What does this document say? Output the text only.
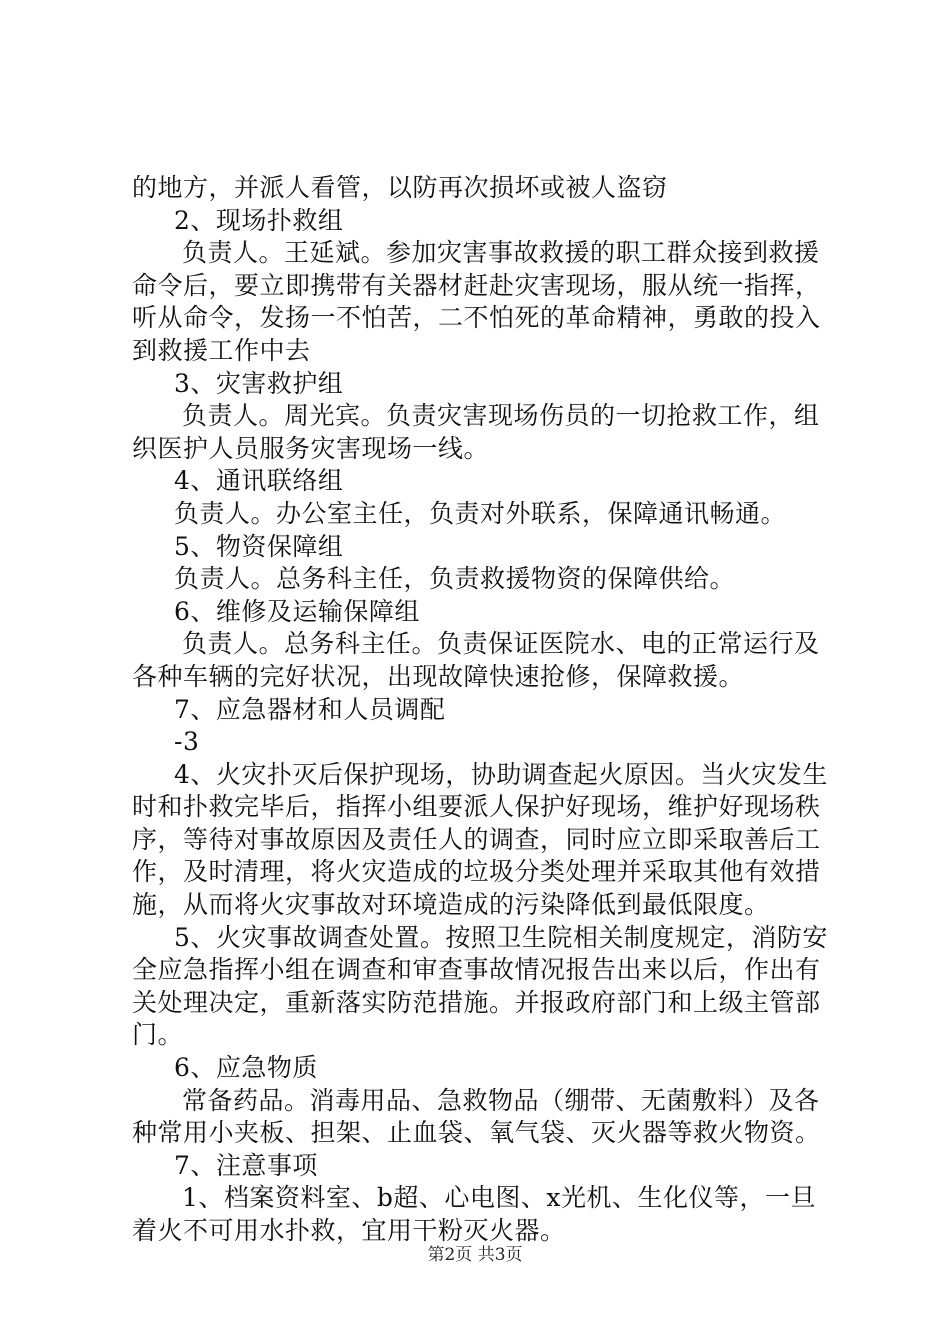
的地方，并派人看管，以防再次损坏或被人盗窃
2、现场扑救组
负责人。王延斌。参加灾害事故救援的职工群众接到救援
命令后，要立即携带有关器材赶赴灾害现场，服从统一指挥，
听从命令，发扬一不怕苦，二不怕死的革命精神，勇敢的投入
到救援工作中去
3、灾害救护组
负责人。周光宾。负责灾害现场伤员的一切抢救工作，组
织医护人员服务灾害现场一线。
4、通讯联络组
负责人。办公室主任，负责对外联系，保障通讯畅通。
5、物资保障组
负责人。总务科主任，负责救援物资的保障供给。
6、维修及运输保障组
负责人。总务科主任。负责保证医院水、电的正常运行及
各种车辆的完好状况，出现故障快速抢修，保障救援。
7、应急器材和人员调配
-3
4、火灾扑灭后保护现场，协助调查起火原因。当火灾发生
时和扑救完毕后，指挥小组要派人保护好现场，维护好现场秩
序，等待对事故原因及责任人的调查，同时应立即采取善后工
作，及时清理，将火灾造成的垃圾分类处理并采取其他有效措
施，从而将火灾事故对环境造成的污染降低到最低限度。
5、火灾事故调查处置。按照卫生院相关制度规定，消防安
全应急指挥小组在调查和审查事故情况报告出来以后，作出有
关处理决定，重新落实防范措施。并报政府部门和上级主管部
门。
6、应急物质
常备药品。消毒用品、急救物品（绷带、无菌敷料）及各
种常用小夹板、担架、止血袋、氧气袋、灭火器等救火物资。
7、注意事项
1、档案资料室、b超、心电图、x光机、生化仪等，一旦
着火不可用水扑救，宜用干粉灭火器。
第2页 共3页
